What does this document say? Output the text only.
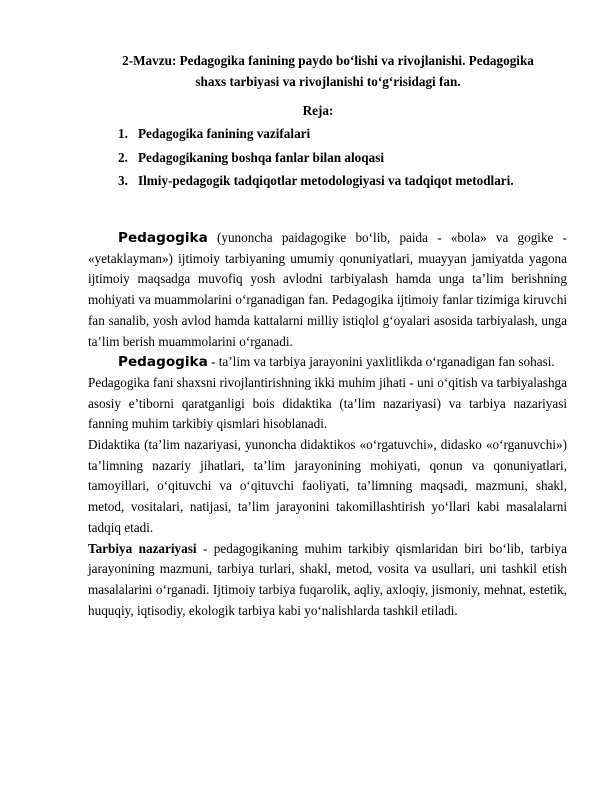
2-Mavzu: Pedagogika fanining paydo bo‘lishi va rivojlanishi. Pedagogika
shaxs tarbiyasi va rivojlanishi to‘g‘risidagi fan.
Reja:
1. Pedagogika fanining vazifalari
2. Pedagogikaning boshqa fanlar bilan aloqasi
3. Ilmiy-pedagogik tadqiqotlar metodologiyasi va tadqiqot metodlari.

Pedagogika (yunoncha paidagogike bo‘lib, paida - «bola» va gogike - «yetaklayman») ijtimoiy tarbiyaning umumiy qonuniyatlari, muayyan jamiyatda yagona ijtimoiy maqsadga muvofiq yosh avlodni tarbiyalash hamda unga ta’lim berishning mohiyati va muammolarini o‘rganadigan fan. Pedagogika ijtimoiy fanlar tizimiga kiruvchi fan sanalib, yosh avlod hamda kattalarni milliy istiqlol g‘oyalari asosida tarbiyalash, unga ta’lim berish muammolarini o‘rganadi.

Pedagogika - ta’lim va tarbiya jarayonini yaxlitlikda o‘rganadigan fan sohasi.

Pedagogika fani shaxsni rivojlantirishning ikki muhim jihati - uni o‘qitish va tarbiyalashga asosiy e’tiborni qaratganligi bois didaktika (ta’lim nazariyasi) va tarbiya nazariyasi fanning muhim tarkibiy qismlari hisoblanadi.

Didaktika (ta’lim nazariyasi, yunoncha didaktikos «o‘rgatuvchi», didasko «o‘rganuvchi») ta’limning nazariy jihatlari, ta’lim jarayonining mohiyati, qonun va qonuniyatlari, tamoyillari, o‘qituvchi va o‘qituvchi faoliyati, ta’limning maqsadi, mazmuni, shakl, metod, vositalari, natijasi, ta’lim jarayonini takomillashtirish yo‘llari kabi masalalarni tadqiq etadi.

Tarbiya nazariyasi - pedagogikaning muhim tarkibiy qismlaridan biri bo‘lib, tarbiya jarayonining mazmuni, tarbiya turlari, shakl, metod, vosita va usullari, uni tashkil etish masalalarini o‘rganadi. Ijtimoiy tarbiya fuqarolik, aqliy, axloqiy, jismoniy, mehnat, estetik, huquqiy, iqtisodiy, ekologik tarbiya kabi yo‘nalishlarda tashkil etiladi.
